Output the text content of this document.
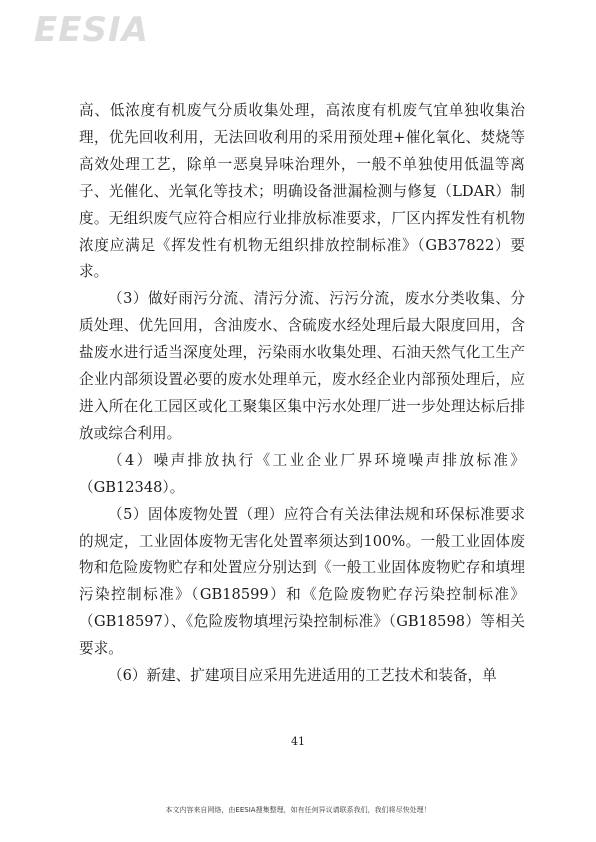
EESIA

高、低浓度有机废气分质收集处理，高浓度有机废气宜单独收集治理，优先回收利用，无法回收利用的采用预处理+催化氧化、焚烧等高效处理工艺，除单一恶臭异味治理外，一般不单独使用低温等离子、光催化、光氧化等技术；明确设备泄漏检测与修复（LDAR）制度。无组织废气应符合相应行业排放标准要求，厂区内挥发性有机物浓度应满足《挥发性有机物无组织排放控制标准》（GB37822）要求。

（3）做好雨污分流、清污分流、污污分流，废水分类收集、分质处理、优先回用，含油废水、含硫废水经处理后最大限度回用，含盐废水进行适当深度处理，污染雨水收集处理、石油天然气化工生产企业内部须设置必要的废水处理单元，废水经企业内部预处理后，应进入所在化工园区或化工聚集区集中污水处理厂进一步处理达标后排放或综合利用。

（4）噪声排放执行《工业企业厂界环境噪声排放标准》（GB12348）。

（5）固体废物处置（理）应符合有关法律法规和环保标准要求的规定，工业固体废物无害化处置率须达到100%。一般工业固体废物和危险废物贮存和处置应分别达到《一般工业固体废物贮存和填埋污染控制标准》（GB18599）和《危险废物贮存污染控制标准》（GB18597）、《危险废物填埋污染控制标准》（GB18598）等相关要求。

（6）新建、扩建项目应采用先进适用的工艺技术和装备，单

41
本文内容来自网络，由EESIA搜集整理，如有任何异议请联系我们，我们将尽快处理！
